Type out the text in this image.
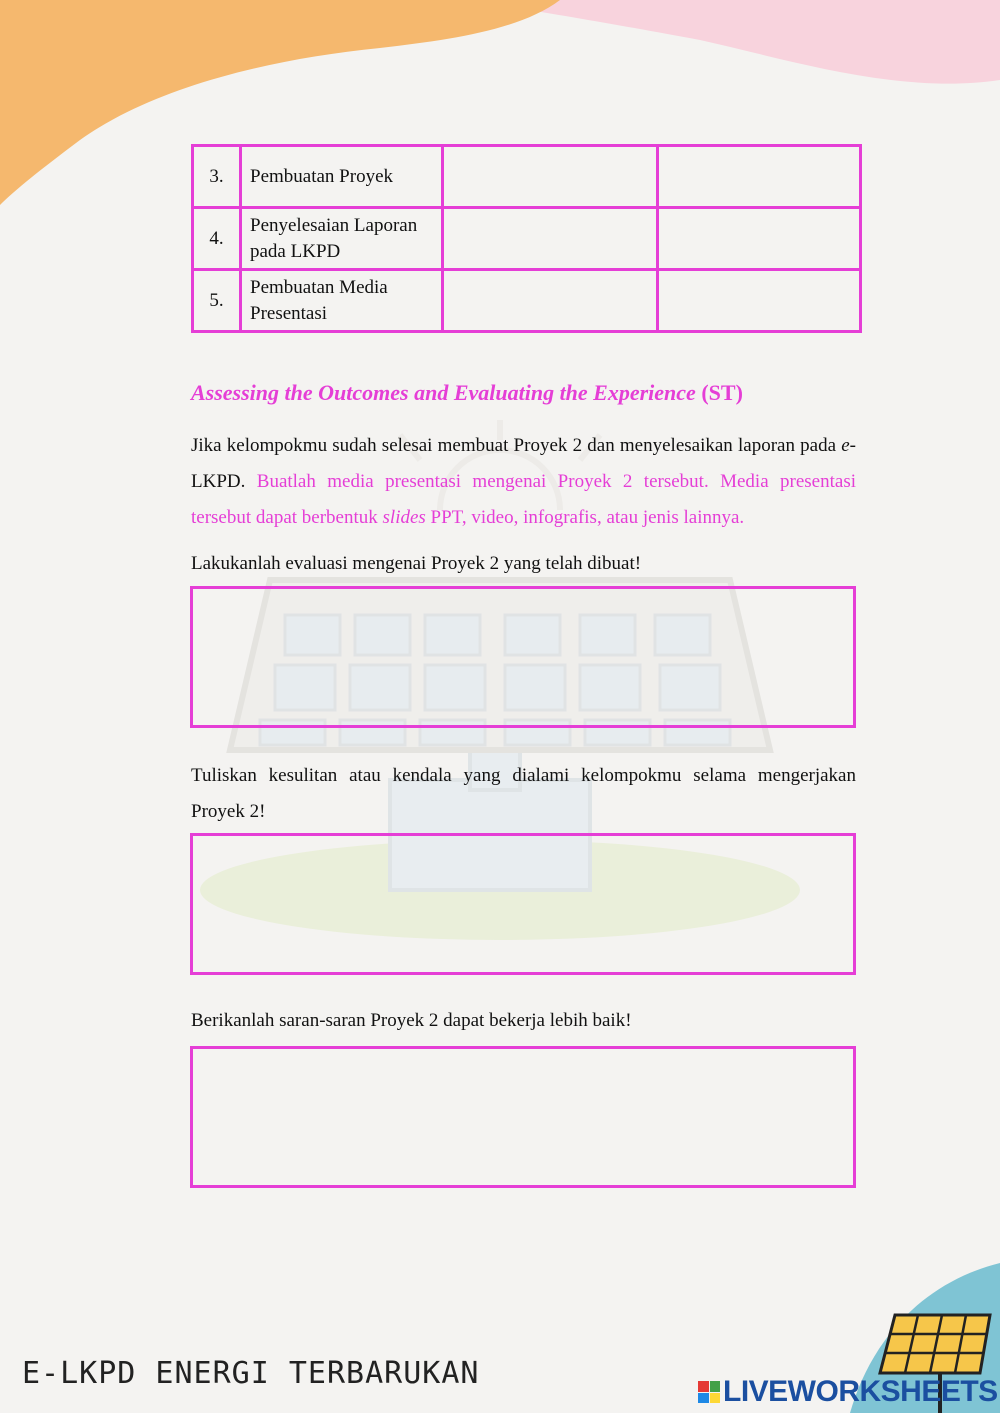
3.	Pembuatan Proyek		
4.	Penyelesaian Laporan pada LKPD		
5.	Pembuatan Media Presentasi		
Assessing the Outcomes and Evaluating the Experience (ST)
Jika kelompokmu sudah selesai membuat Proyek 2 dan menyelesaikan laporan pada e-LKPD. Buatlah media presentasi mengenai Proyek 2 tersebut. Media presentasi tersebut dapat berbentuk slides PPT, video, infografis, atau jenis lainnya.
Lakukanlah evaluasi mengenai Proyek 2 yang telah dibuat!
Tuliskan kesulitan atau kendala yang dialami kelompokmu selama mengerjakan Proyek 2!
Berikanlah saran-saran Proyek 2 dapat bekerja lebih baik!
E-LKPD ENERGI TERBARUKAN
LIVEWORKSHEETS
